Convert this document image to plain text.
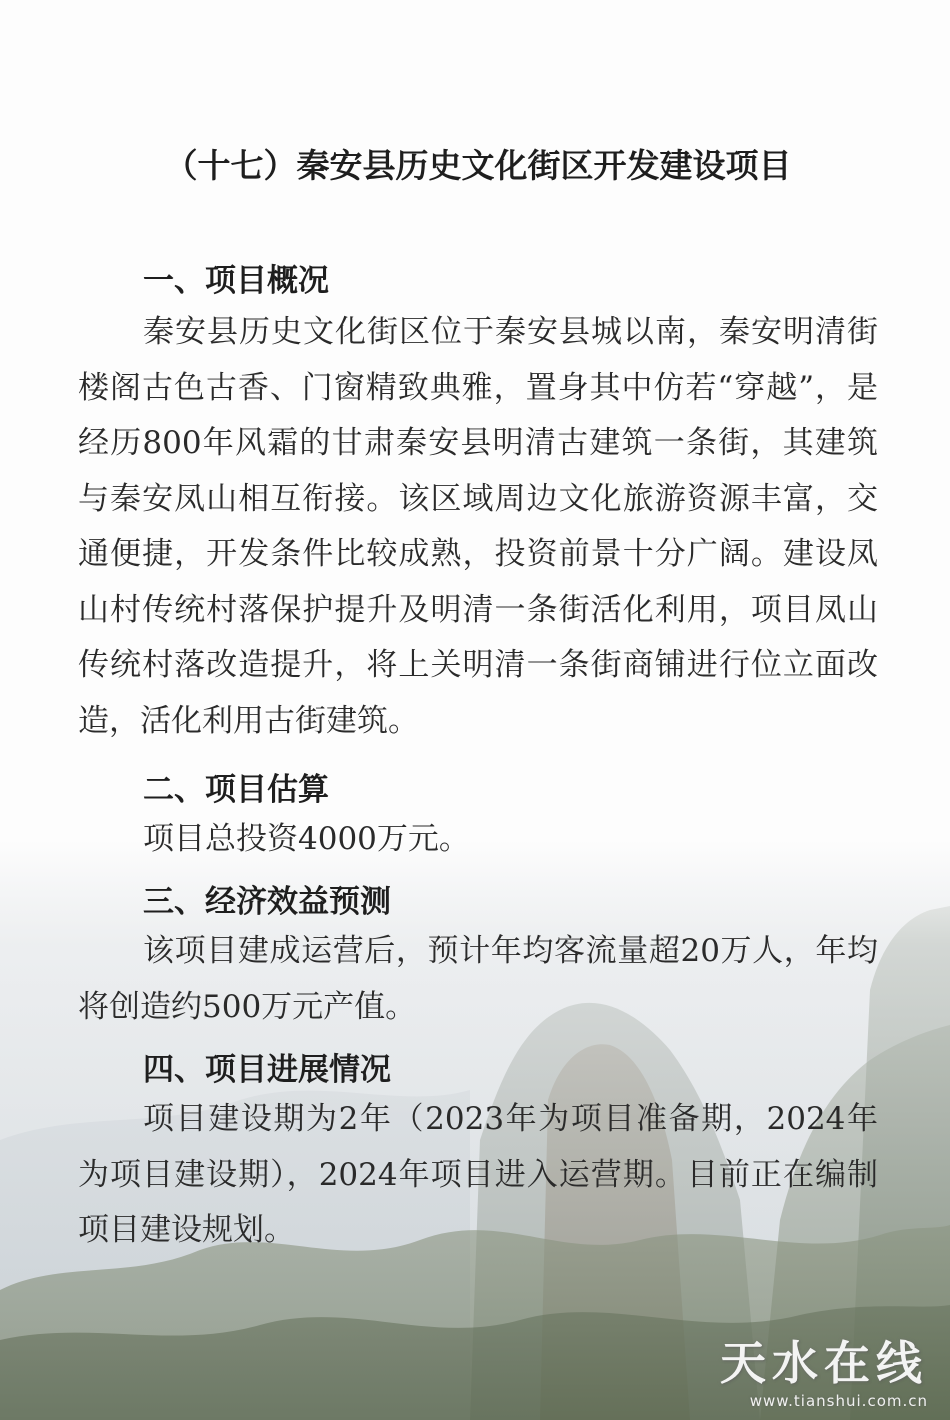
（十七）秦安县历史文化街区开发建设项目
一、项目概况

秦安县历史文化街区位于秦安县城以南，秦安明清街楼阁古色古香、门窗精致典雅，置身其中仿若“穿越”，是经历800年风霜的甘肃秦安县明清古建筑一条街，其建筑与秦安凤山相互衔接。该区域周边文化旅游资源丰富，交通便捷，开发条件比较成熟，投资前景十分广阔。建设凤山村传统村落保护提升及明清一条街活化利用，项目凤山传统村落改造提升，将上关明清一条街商铺进行位立面改造，活化利用古街建筑。

二、项目估算

项目总投资4000万元。

三、经济效益预测

该项目建成运营后，预计年均客流量超20万人，年均将创造约500万元产值。

四、项目进展情况

项目建设期为2年（2023年为项目准备期，2024年为项目建设期），2024年项目进入运营期。目前正在编制项目建设规划。

天水在线
www.tianshui.com.cn
